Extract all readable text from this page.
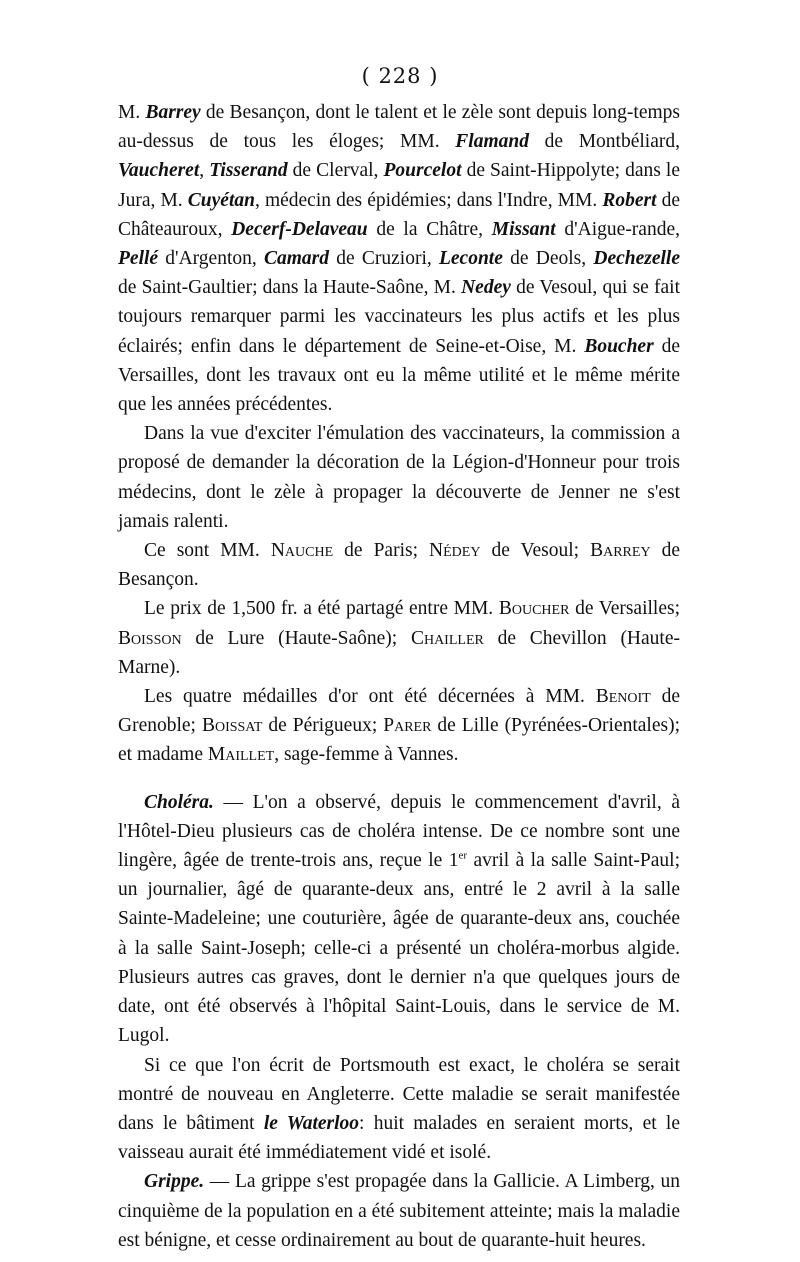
( 228 )

M. Barrey de Besançon, dont le talent et le zèle sont depuis long-temps au-dessus de tous les éloges; MM. Flamand de Montbéliard, Vaucheret, Tisserand de Clerval, Pourcelot de Saint-Hippolyte; dans le Jura, M. Cuyétan, médecin des épidémies; dans l'Indre, MM. Robert de Châteauroux, Decerf-Delaveau de la Châtre, Missant d'Aigue-rande, Pellé d'Argenton, Camard de Cruziori, Leconte de Deols, Dechezelle de Saint-Gaultier; dans la Haute-Saône, M. Nedey de Vesoul, qui se fait toujours remarquer parmi les vaccinateurs les plus actifs et les plus éclairés; enfin dans le département de Seine-et-Oise, M. Boucher de Versailles, dont les travaux ont eu la même utilité et le même mérite que les années précédentes.

Dans la vue d'exciter l'émulation des vaccinateurs, la commission a proposé de demander la décoration de la Légion-d'Honneur pour trois médecins, dont le zèle à propager la découverte de Jenner ne s'est jamais ralenti.

Ce sont MM. Nauche de Paris; Nédey de Vesoul; Barrey de Besançon.

Le prix de 1,500 fr. a été partagé entre MM. Boucher de Versailles; Boisson de Lure (Haute-Saône); Chailler de Chevillon (Haute-Marne).

Les quatre médailles d'or ont été décernées à MM. Benoit de Grenoble; Boissat de Périgueux; Parer de Lille (Pyrénées-Orientales); et madame Maillet, sage-femme à Vannes.

Choléra. — L'on a observé, depuis le commencement d'avril, à l'Hôtel-Dieu plusieurs cas de choléra intense. De ce nombre sont une lingère, âgée de trente-trois ans, reçue le 1er avril à la salle Saint-Paul; un journalier, âgé de quarante-deux ans, entré le 2 avril à la salle Sainte-Madeleine; une couturière, âgée de quarante-deux ans, couchée à la salle Saint-Joseph; celle-ci a présenté un choléra-morbus algide. Plusieurs autres cas graves, dont le dernier n'a que quelques jours de date, ont été observés à l'hôpital Saint-Louis, dans le service de M. Lugol.

Si ce que l'on écrit de Portsmouth est exact, le choléra se serait montré de nouveau en Angleterre. Cette maladie se serait manifestée dans le bâtiment le Waterloo: huit malades en seraient morts, et le vaisseau aurait été immédiatement vidé et isolé.

Grippe. — La grippe s'est propagée dans la Gallicie. A Limberg, un cinquième de la population en a été subitement atteinte; mais la maladie est bénigne, et cesse ordinairement au bout de quarante-huit heures.
